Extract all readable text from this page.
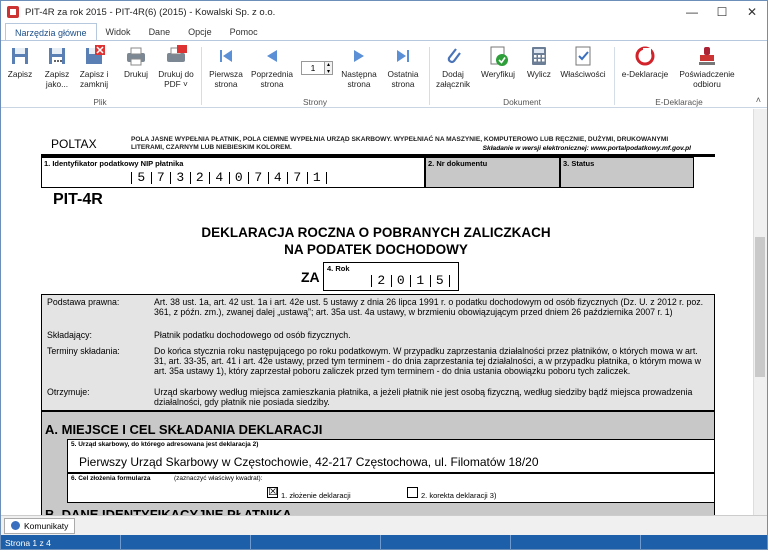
PIT-4R za rok 2015 - PIT-4R(6) (2015) - Kowalski Sp. z o.o.	—	☐	✕
Narzędzia główne	Widok	Dane	Opcje	Pomoc
Zapisz	Zapisz jako...
Zapisz i zamknij
Drukuj Drukuj do PDF ˅
Plik
Pierwsza strona
Poprzednia strona
1	▴
▾	Następna strona
Ostatnia strona
Strony
Dodaj załącznik
Weryfikuj Wylicz Właściwości
Dokument
e-Deklaracje	Poświadczenie odbioru
E-Deklaracje	˄
POLTAX	POLA JASNE WYPEŁNIA PŁATNIK, POLA CIEMNE WYPEŁNIA URZĄD SKARBOWY. WYPEŁNIAĆ NA MASZYNIE, KOMPUTEROWO LUB RĘCZNIE, DUŻYMI, DRUKOWANYMI LITERAMI, CZARNYM LUB NIEBIESKIM KOLOREM.	Składanie w wersji elektronicznej: www.portalpodatkowy.mf.gov.pl
1. Identyfikator podatkowy NIP płatnika
5 7 3 2 4 0 7 4 7 1
2. Nr dokumentu	3. Status
PIT-4R
DEKLARACJA ROCZNA O POBRANYCH ZALICZKACH
NA PODATEK DOCHODOWY
ZA
4. Rok
2 0 1 5
Podstawa prawna:	Art. 38 ust. 1a, art. 42 ust. 1a i art. 42e ust. 5 ustawy z dnia 26 lipca 1991 r. o podatku dochodowym od osób fizycznych (Dz. U. z 2012 r. poz. 361, z późn. zm.), zwanej dalej „ustawą”; art. 35a ust. 4a ustawy, w brzmieniu obowiązującym przed dniem 26 października 2007 r. 1)
Składający:	Płatnik podatku dochodowego od osób fizycznych.
Terminy składania:	Do końca stycznia roku następującego po roku podatkowym. W przypadku zaprzestania działalności przez płatników, o których mowa w art. 31, art. 33-35, art. 41 i art. 42e ustawy, przed tym terminem - do dnia zaprzestania tej działalności, a w przypadku płatnika, o którym mowa w art. 35a ustawy 1), który zaprzestał poboru zaliczek przed tym terminem - do dnia ustania obowiązku poboru tych zaliczek.
Otrzymuje:	Urząd skarbowy według miejsca zamieszkania płatnika, a jeżeli płatnik nie jest osobą fizyczną, według siedziby bądź miejsca prowadzenia działalności, gdy płatnik nie posiada siedziby.
A. MIEJSCE I CEL SKŁADANIA DEKLARACJI
5. Urząd skarbowy, do którego adresowana jest deklaracja 2)
Pierwszy Urząd Skarbowy w Częstochowie, 42-217 Częstochowa, ul. Filomatów 18/20
6. Cel złożenia formularza	(zaznaczyć właściwy kwadrat):
☒ 1. złożenie deklaracji	2. korekta deklaracji 3)
Komunikaty
Strona 1 z 4
